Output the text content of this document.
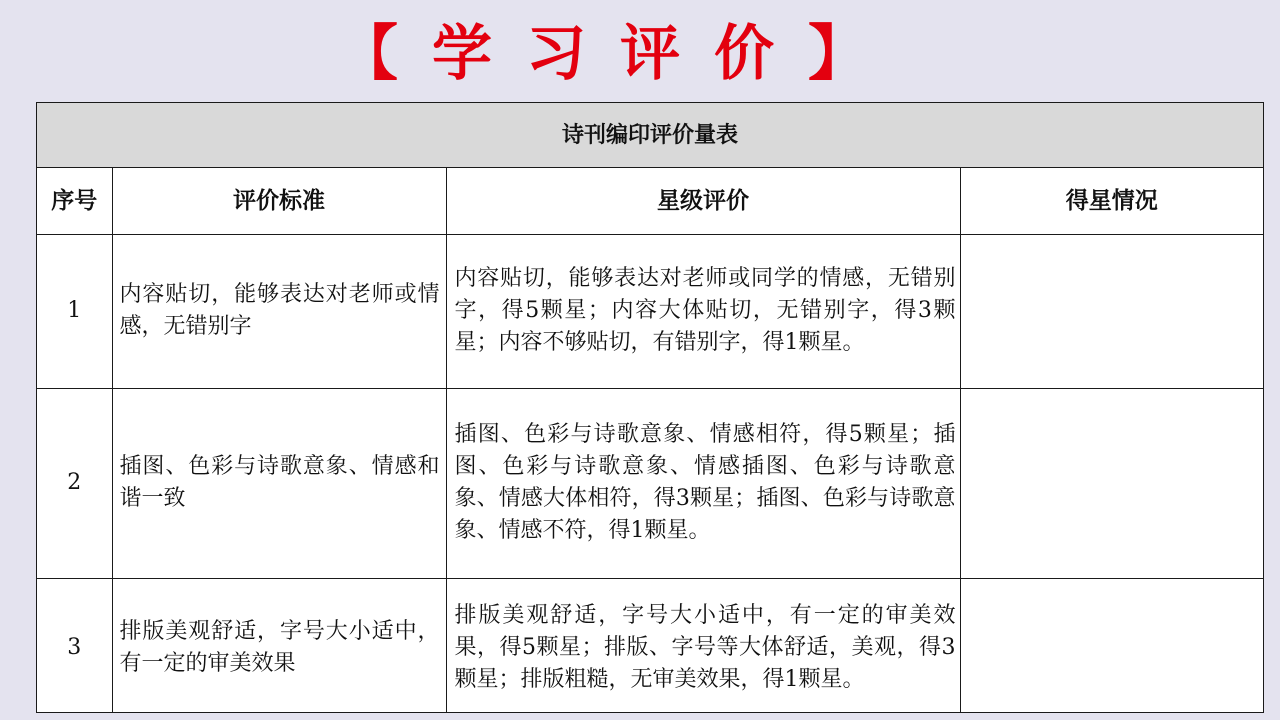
【学习评价】
诗刊编印评价量表			
序号	评价标准	星级评价	得星情况
1	内容贴切，能够表达对老师或情感，无错别字	内容贴切，能够表达对老师或同学的情感，无错别字，得5颗星；内容大体贴切，无错别字，得3颗星；内容不够贴切，有错别字，得1颗星。	
2	插图、色彩与诗歌意象、情感和谐一致	插图、色彩与诗歌意象、情感相符，得5颗星；插图、色彩与诗歌意象、情感插图、色彩与诗歌意象、情感大体相符，得3颗星；插图、色彩与诗歌意象、情感不符，得1颗星。	
3	排版美观舒适，字号大小适中，有一定的审美效果	排版美观舒适，字号大小适中，有一定的审美效果，得5颗星；排版、字号等大体舒适，美观，得3颗星；排版粗糙，无审美效果，得1颗星。	
